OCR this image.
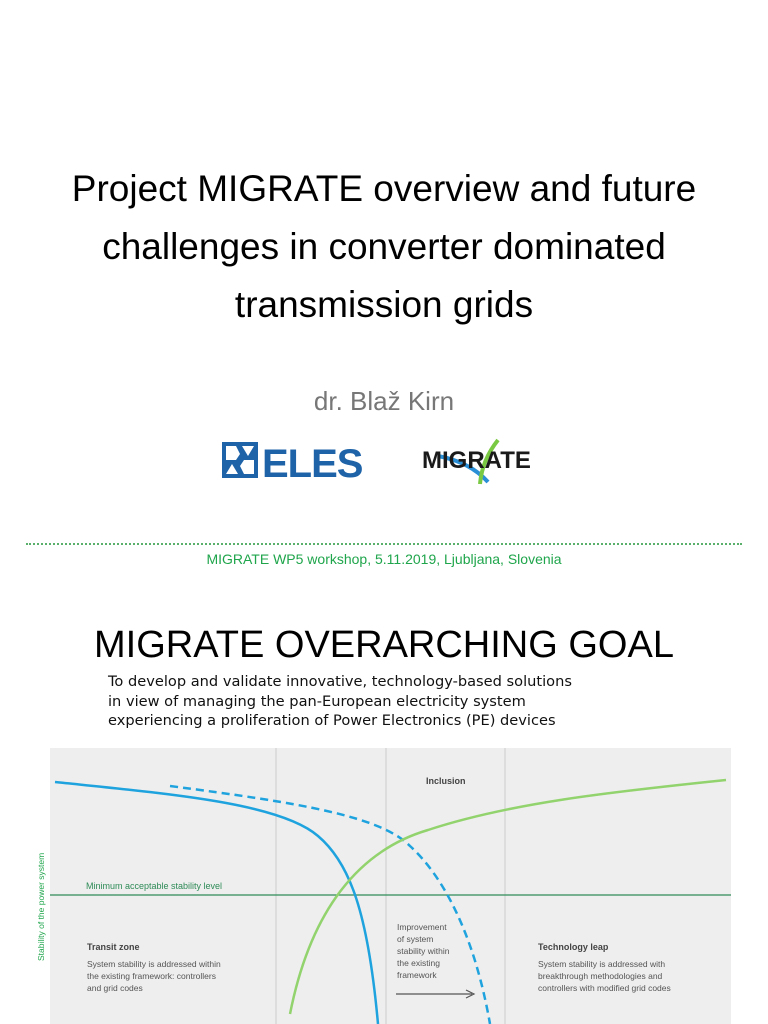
Project MIGRATE overview and future challenges in converter dominated transmission grids
dr. Blaž Kirn
ELES MIGRATE
MIGRATE WP5 workshop, 5.11.2019, Ljubljana, Slovenia
MIGRATE OVERARCHING GOAL
To develop and validate innovative, technology-based solutions
in view of managing the pan-European electricity system
experiencing a proliferation of Power Electronics (PE) devices
Minimum acceptable stability level
Stability of the power system
Inclusion
Transit zone
System stability is addressed within
the existing framework: controllers
and grid codes
Improvement
of system
stability within
the existing
framework
Technology leap
System stability is addressed with
breakthrough methodologies and
controllers with modified grid codes
